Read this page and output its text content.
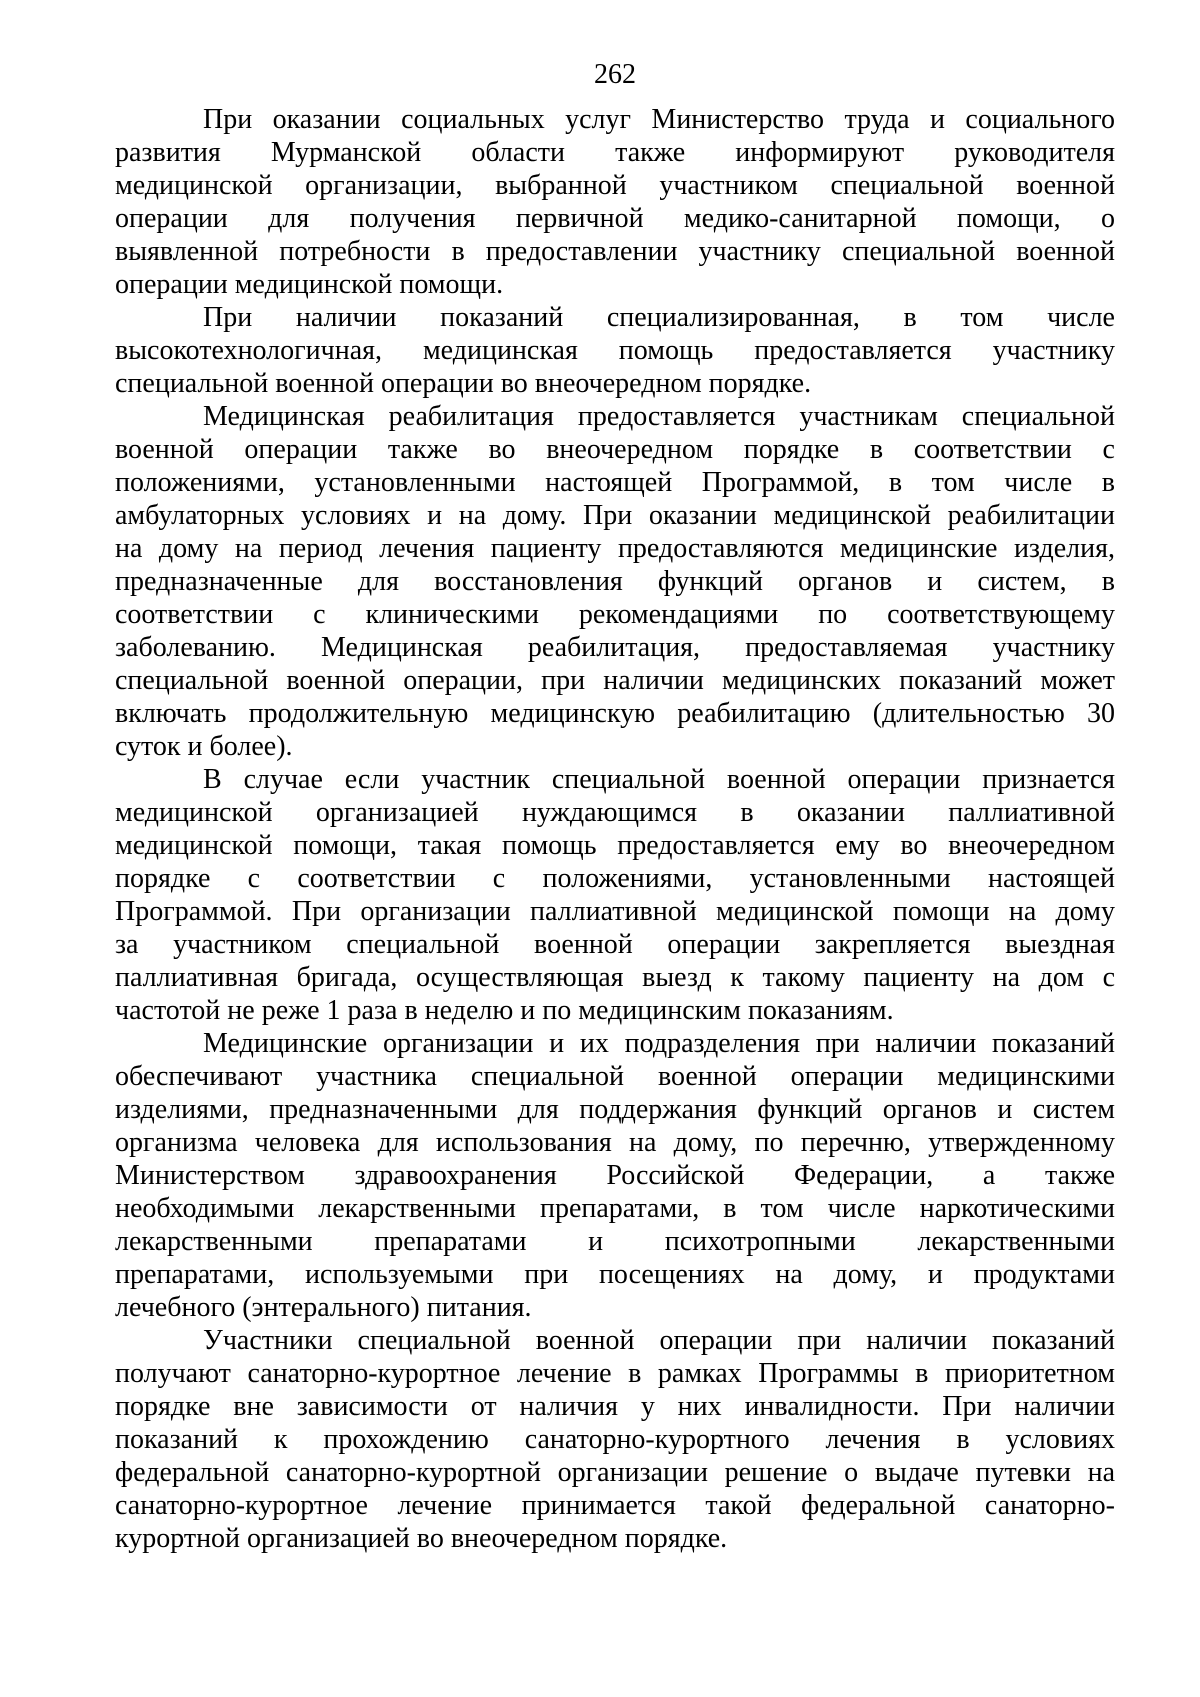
262

При оказании социальных услуг Министерство труда и социального
развития Мурманской области также информируют руководителя
медицинской организации, выбранной участником специальной военной
операции для получения первичной медико-санитарной помощи, о
выявленной потребности в предоставлении участнику специальной военной
операции медицинской помощи.

При наличии показаний специализированная, в том числе
высокотехнологичная, медицинская помощь предоставляется участнику
специальной военной операции во внеочередном порядке.

Медицинская реабилитация предоставляется участникам специальной
военной операции также во внеочередном порядке в соответствии с
положениями, установленными настоящей Программой, в том числе в
амбулаторных условиях и на дому. При оказании медицинской реабилитации
на дому на период лечения пациенту предоставляются медицинские изделия,
предназначенные для восстановления функций органов и систем, в
соответствии с клиническими рекомендациями по соответствующему
заболеванию. Медицинская реабилитация, предоставляемая участнику
специальной военной операции, при наличии медицинских показаний может
включать продолжительную медицинскую реабилитацию (длительностью 30
суток и более).

В случае если участник специальной военной операции признается
медицинской организацией нуждающимся в оказании паллиативной
медицинской помощи, такая помощь предоставляется ему во внеочередном
порядке с соответствии с положениями, установленными настоящей
Программой. При организации паллиативной медицинской помощи на дому
за участником специальной военной операции закрепляется выездная
паллиативная бригада, осуществляющая выезд к такому пациенту на дом с
частотой не реже 1 раза в неделю и по медицинским показаниям.

Медицинские организации и их подразделения при наличии показаний
обеспечивают участника специальной военной операции медицинскими
изделиями, предназначенными для поддержания функций органов и систем
организма человека для использования на дому, по перечню, утвержденному
Министерством здравоохранения Российской Федерации, а также
необходимыми лекарственными препаратами, в том числе наркотическими
лекарственными препаратами и психотропными лекарственными
препаратами, используемыми при посещениях на дому, и продуктами
лечебного (энтерального) питания.

Участники специальной военной операции при наличии показаний
получают санаторно-курортное лечение в рамках Программы в приоритетном
порядке вне зависимости от наличия у них инвалидности. При наличии
показаний к прохождению санаторно-курортного лечения в условиях
федеральной санаторно-курортной организации решение о выдаче путевки на
санаторно-курортное лечение принимается такой федеральной санаторно-
курортной организацией во внеочередном порядке.
